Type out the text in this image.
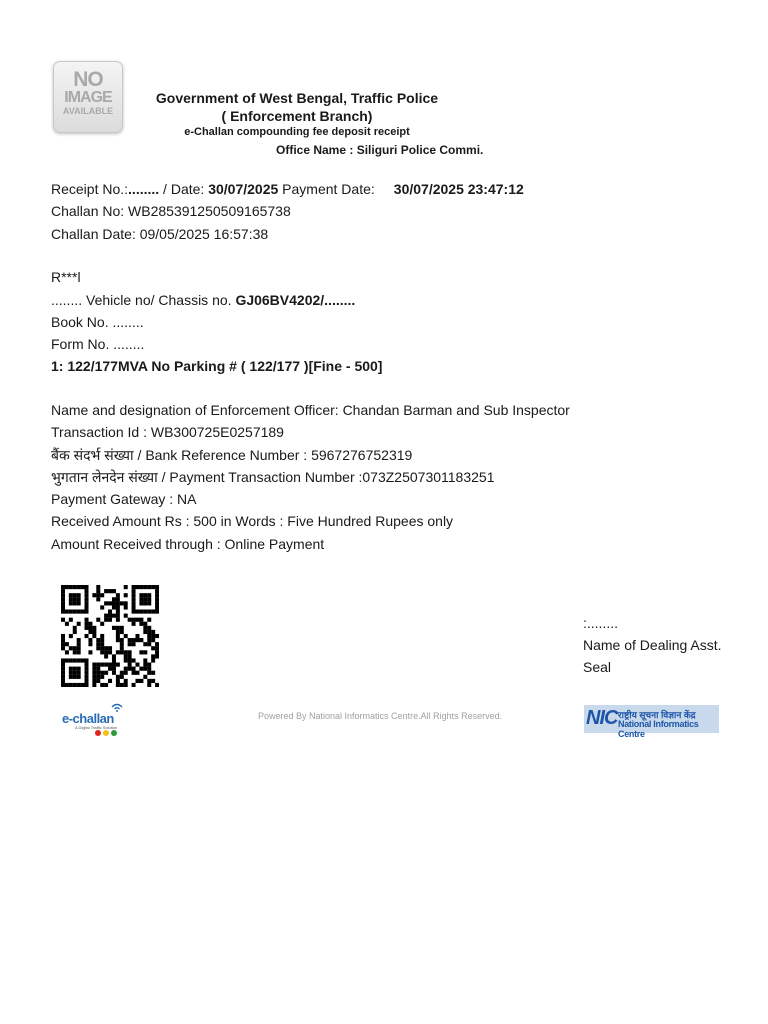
NO
IMAGE
AVAILABLE
Government of West Bengal, Traffic Police
( Enforcement Branch)
e-Challan compounding fee deposit receipt
Office Name : Siliguri Police Commi.
Receipt No.:........ / Date: 30/07/2025 Payment Date: 30/07/2025 23:47:12
Challan No: WB285391250509165738
Challan Date: 09/05/2025 16:57:38
R***l
........ Vehicle no/ Chassis no. GJ06BV4202/........
Book No. ........
Form No. ........
1: 122/177MVA No Parking # ( 122/177 )[Fine - 500]
Name and designation of Enforcement Officer: Chandan Barman and Sub Inspector
Transaction Id : WB300725E0257189
बैंक संदर्भ संख्या / Bank Reference Number : 5967276752319
भुगतान लेनदेन संख्या / Payment Transaction Number :073Z2507301183251
Payment Gateway : NA
Received Amount Rs : 500 in Words : Five Hundred Rupees only
Amount Received through : Online Payment
:........
Name of Dealing Asst.
Seal
e-challan
A Digital Traffic Solution
Powered By National Informatics Centre.All Rights Reserved.	NIC राष्ट्रीय सूचना विज्ञान केंद्र
National Informatics Centre
